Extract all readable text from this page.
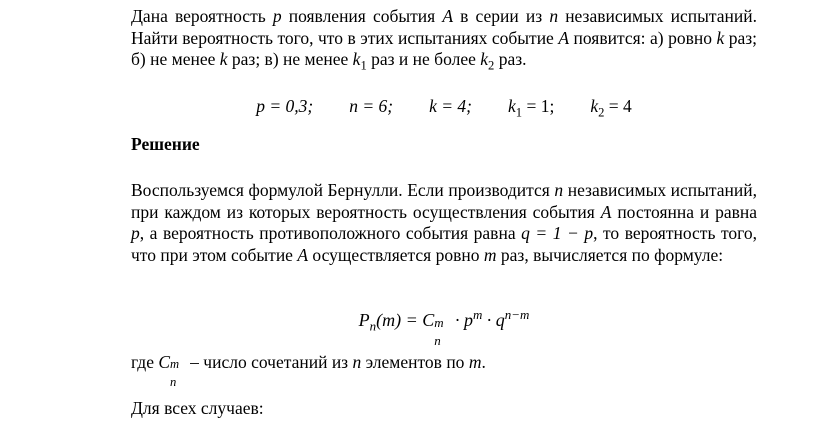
Дана вероятность p появления события A в серии из n независимых испытаний. Найти вероятность того, что в этих испытаниях событие A появится: а) ровно k раз; б) не менее k раз; в) не менее $k_1$ раз и не более $k_2$ раз.

p = 0,3; n = 6; k = 4; $k_1 = 1$; $k_2 = 4$

Решение

Воспользуемся формулой Бернулли. Если производится n независимых испытаний, при каждом из которых вероятность осуществления события A постоянна и равна p, а вероятность противоположного события равна q = 1 − p, то вероятность того, что при этом событие A осуществляется ровно m раз, вычисляется по формуле:

$P_n(m) = C$ m
n
· $p^m \cdot q^{n-m}$

где C m
n
– число сочетаний из n элементов по m.

Для всех случаев:
